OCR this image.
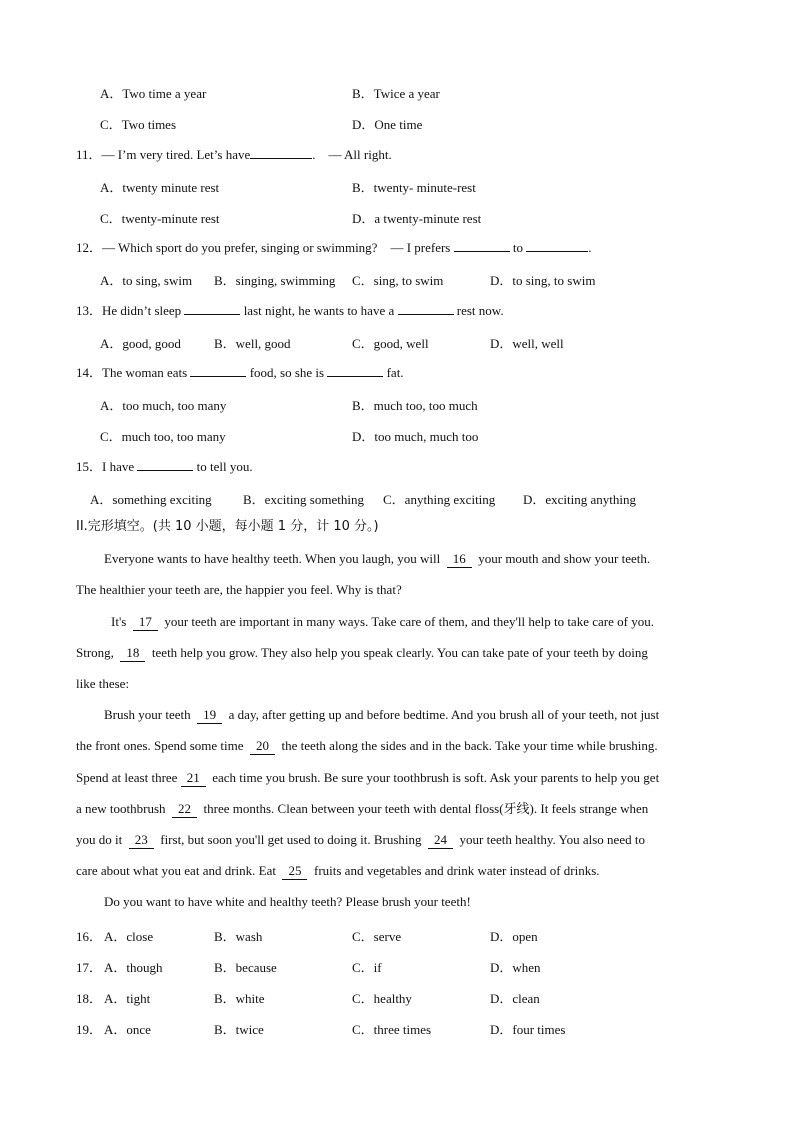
A．Two time a year	B．Twice a year
C．Two times	D．One time
11．— I’m very tired. Let’s have	.　— All right.
A．twenty minute rest	B．twenty- minute-rest
C．twenty-minute rest	D．a twenty-minute rest
12．— Which sport do you prefer, singing or swimming?　— I prefers	to	.
A．to sing, swim B．singing, swimming C．sing, to swim	D．to sing, to swim
13．He didn’t sleep	last night, he wants to have a	rest now.
A．good, good	B．well, good	C．good, well	D．well, well
14．The woman eats	food, so she is	fat.
A．too much, too many	B．much too, too much
C．much too, too many	D．too much, much too
15．I have	to tell you.
A．something exciting B．exciting something C．anything exciting D．exciting anything
II.完形填空。(共 10 小题，每小题 1 分，计 10 分。)
Everyone wants to have healthy teeth. When you laugh, you will 16 your mouth and show your teeth.
The healthier your teeth are, the happier you feel. Why is that?
It's 17 your teeth are important in many ways. Take care of them, and they'll help to take care of you.
Strong, 18 teeth help you grow. They also help you speak clearly. You can take pate of your teeth by doing
like these:
Brush your teeth 19 a day, after getting up and before bedtime. And you brush all of your teeth, not just
the front ones. Spend some time 20 the teeth along the sides and in the back. Take your time while brushing.
Spend at least three 21 each time you brush. Be sure your toothbrush is soft. Ask your parents to help you get
a new toothbrush 22 three months. Clean between your teeth with dental floss(牙线). It feels strange when
you do it 23 first, but soon you'll get used to doing it. Brushing 24 your teeth healthy. You also need to
care about what you eat and drink. Eat 25 fruits and vegetables and drink water instead of drinks.
Do you want to have white and healthy teeth? Please brush your teeth!
16． A．close	B．wash	C．serve	D．open
17． A．though	B．because	C．if	D．when
18． A．tight	B．white	C．healthy	D．clean
19． A．once	B．twice	C．three times	D．four times
